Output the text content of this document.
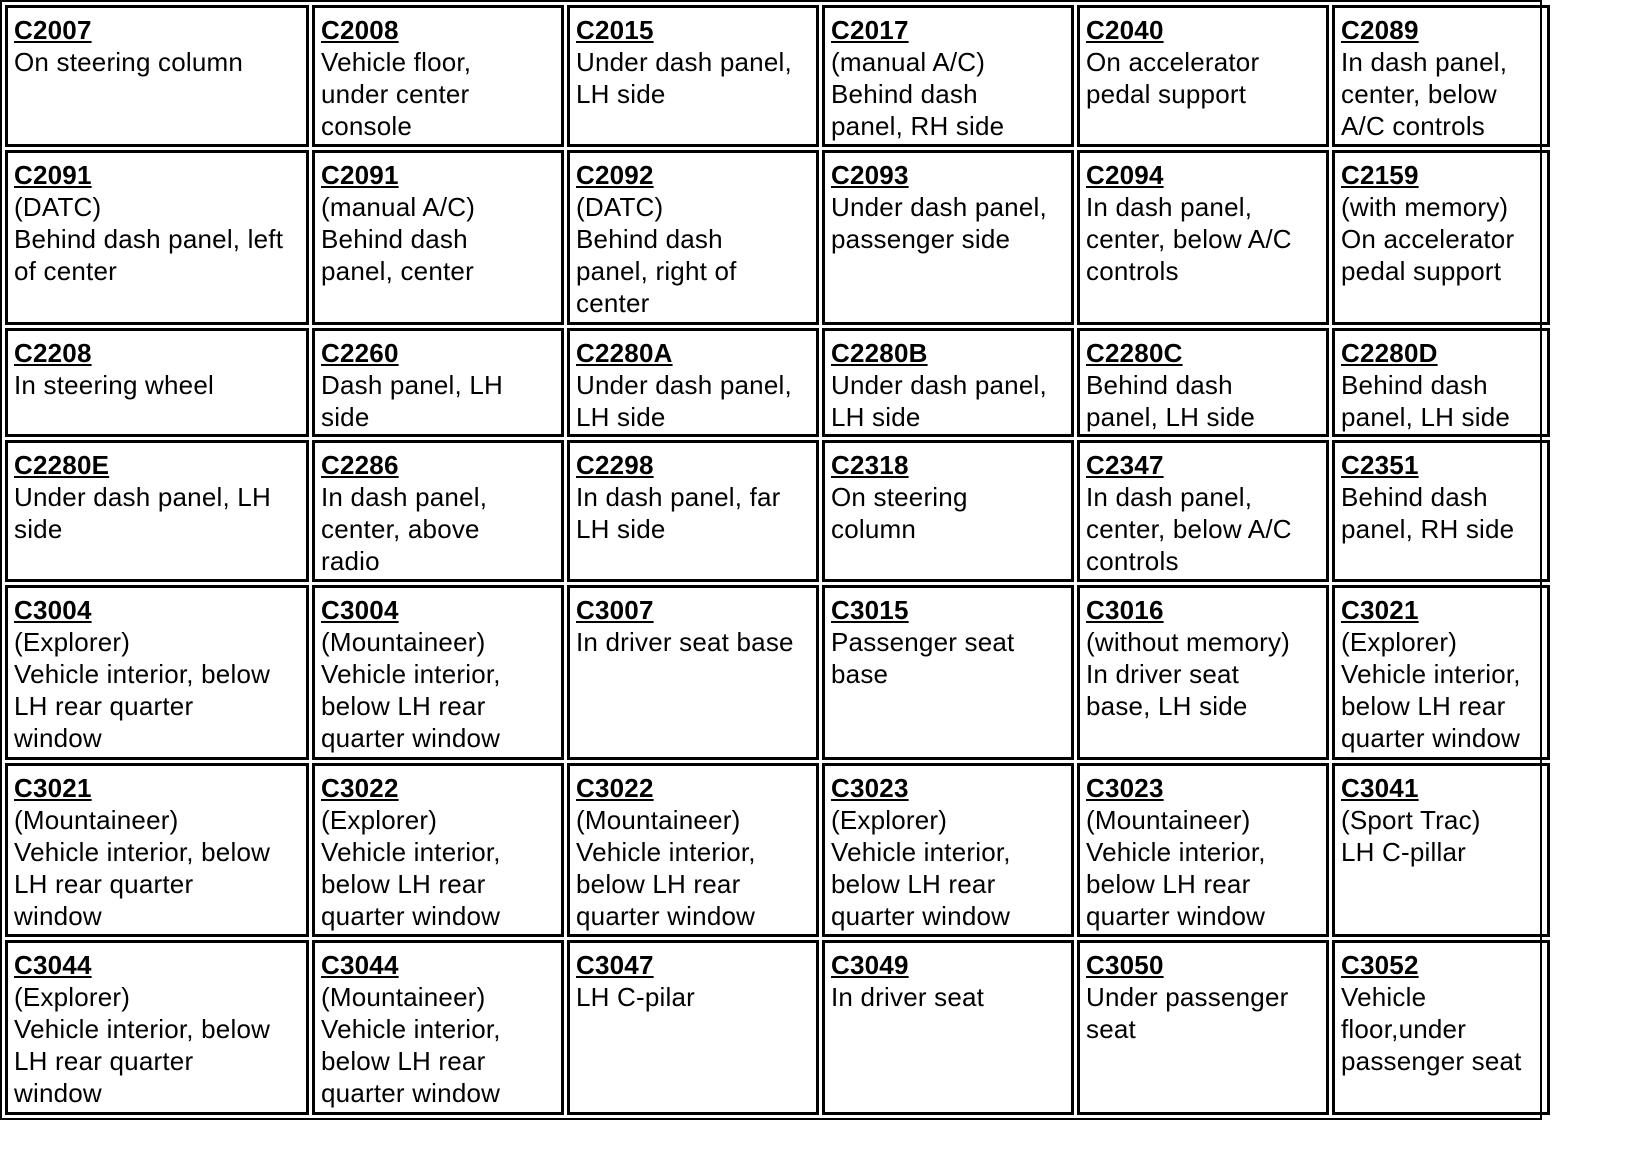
C2007
On steering column	C2008
Vehicle floor,
under center
console	C2015
Under dash panel,
LH side	C2017
(manual A/C)
Behind dash
panel, RH side	C2040
On accelerator
pedal support	C2089
In dash panel,
center, below
A/C controls

C2091
(DATC)
Behind dash panel, left
of center	C2091
(manual A/C)
Behind dash
panel, center	C2092
(DATC)
Behind dash
panel, right of
center	C2093
Under dash panel,
passenger side	C2094
In dash panel,
center, below A/C
controls	C2159
(with memory)
On accelerator
pedal support

C2208
In steering wheel	C2260
Dash panel, LH
side	C2280A
Under dash panel,
LH side	C2280B
Under dash panel,
LH side	C2280C
Behind dash
panel, LH side	C2280D
Behind dash
panel, LH side

C2280E
Under dash panel, LH
side	C2286
In dash panel,
center, above
radio	C2298
In dash panel, far
LH side	C2318
On steering
column	C2347
In dash panel,
center, below A/C
controls	C2351
Behind dash
panel, RH side

C3004
(Explorer)
Vehicle interior, below
LH rear quarter
window	C3004
(Mountaineer)
Vehicle interior,
below LH rear
quarter window	C3007
In driver seat base	C3015
Passenger seat
base	C3016
(without memory)
In driver seat
base, LH side	C3021
(Explorer)
Vehicle interior,
below LH rear
quarter window

C3021
(Mountaineer)
Vehicle interior, below
LH rear quarter
window	C3022
(Explorer)
Vehicle interior,
below LH rear
quarter window	C3022
(Mountaineer)
Vehicle interior,
below LH rear
quarter window	C3023
(Explorer)
Vehicle interior,
below LH rear
quarter window	C3023
(Mountaineer)
Vehicle interior,
below LH rear
quarter window	C3041
(Sport Trac)
LH C-pillar

C3044
(Explorer)
Vehicle interior, below
LH rear quarter
window	C3044
(Mountaineer)
Vehicle interior,
below LH rear
quarter window	C3047
LH C-pilar	C3049
In driver seat	C3050
Under passenger
seat	C3052
Vehicle
floor,under
passenger seat
